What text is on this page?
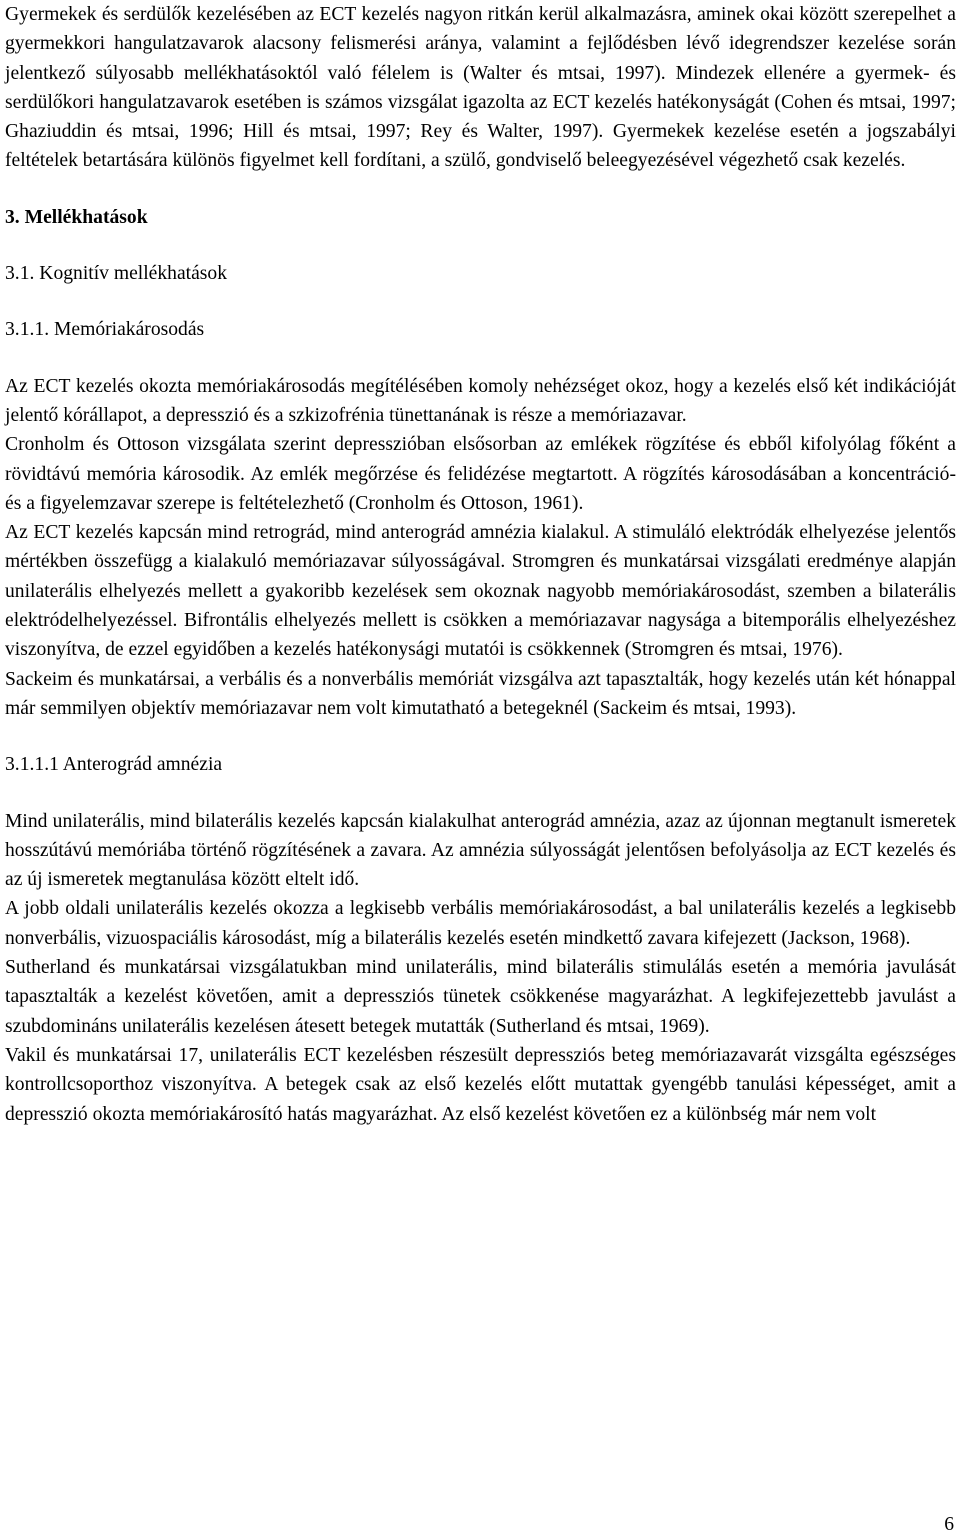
Gyermekek és serdülők kezelésében az ECT kezelés nagyon ritkán kerül alkalmazásra, aminek okai között szerepelhet a gyermekkori hangulatzavarok alacsony felismerési aránya, valamint a fejlődésben lévő idegrendszer kezelése során jelentkező súlyosabb mellékhatásoktól való félelem is (Walter és mtsai, 1997). Mindezek ellenére a gyermek- és serdülőkori hangulatzavarok esetében is számos vizsgálat igazolta az ECT kezelés hatékonyságát (Cohen és mtsai, 1997; Ghaziuddin és mtsai, 1996; Hill és mtsai, 1997; Rey és Walter, 1997). Gyermekek kezelése esetén a jogszabályi feltételek betartására különös figyelmet kell fordítani, a szülő, gondviselő beleegyezésével végezhető csak kezelés.

3. Mellékhatások
3.1. Kognitív mellékhatások
3.1.1. Memóriakárosodás

Az ECT kezelés okozta memóriakárosodás megítélésében komoly nehézséget okoz, hogy a kezelés első két indikációját jelentő kórállapot, a depresszió és a szkizofrénia tünettanának is része a memóriazavar.

Cronholm és Ottoson vizsgálata szerint depresszióban elsősorban az emlékek rögzítése és ebből kifolyólag főként a rövidtávú memória károsodik. Az emlék megőrzése és felidézése megtartott. A rögzítés károsodásában a koncentráció- és a figyelemzavar szerepe is feltételezhető (Cronholm és Ottoson, 1961).

Az ECT kezelés kapcsán mind retrográd, mind anterográd amnézia kialakul. A stimuláló elektródák elhelyezése jelentős mértékben összefügg a kialakuló memóriazavar súlyosságával. Stromgren és munkatársai vizsgálati eredménye alapján unilaterális elhelyezés mellett a gyakoribb kezelések sem okoznak nagyobb memóriakárosodást, szemben a bilaterális elektródelhelyezéssel. Bifrontális elhelyezés mellett is csökken a memóriazavar nagysága a bitemporális elhelyezéshez viszonyítva, de ezzel egyidőben a kezelés hatékonysági mutatói is csökkennek (Stromgren és mtsai, 1976).

Sackeim és munkatársai, a verbális és a nonverbális memóriát vizsgálva azt tapasztalták, hogy kezelés után két hónappal már semmilyen objektív memóriazavar nem volt kimutatható a betegeknél (Sackeim és mtsai, 1993).

3.1.1.1 Anterográd amnézia

Mind unilaterális, mind bilaterális kezelés kapcsán kialakulhat anterográd amnézia, azaz az újonnan megtanult ismeretek hosszútávú memóriába történő rögzítésének a zavara. Az amnézia súlyosságát jelentősen befolyásolja az ECT kezelés és az új ismeretek megtanulása között eltelt idő.

A jobb oldali unilaterális kezelés okozza a legkisebb verbális memóriakárosodást, a bal unilaterális kezelés a legkisebb nonverbális, vizuospaciális károsodást, míg a bilaterális kezelés esetén mindkettő zavara kifejezett (Jackson, 1968).

Sutherland és munkatársai vizsgálatukban mind unilaterális, mind bilaterális stimulálás esetén a memória javulását tapasztalták a kezelést követően, amit a depressziós tünetek csökkenése magyarázhat. A legkifejezettebb javulást a szubdomináns unilaterális kezelésen átesett betegek mutatták (Sutherland és mtsai, 1969).

Vakil és munkatársai 17, unilaterális ECT kezelésben részesült depressziós beteg memóriazavarát vizsgálta egészséges kontrollcsoporthoz viszonyítva. A betegek csak az első kezelés előtt mutattak gyengébb tanulási képességet, amit a depresszió okozta memóriakárosító hatás magyarázhat. Az első kezelést követően ez a különbség már nem volt

6
